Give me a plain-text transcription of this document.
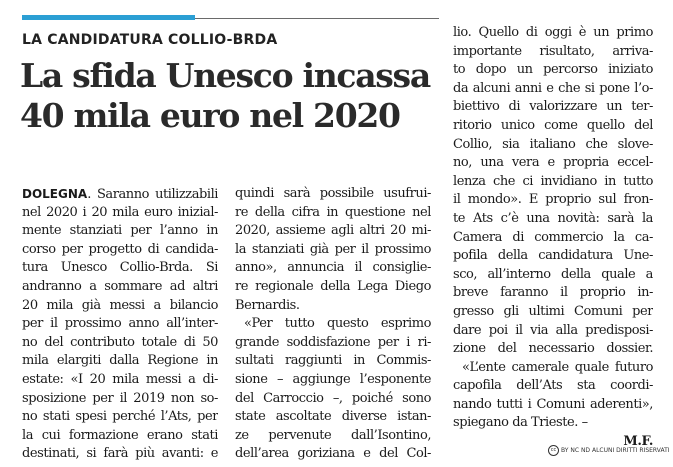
LA CANDIDATURA COLLIO-BRDA
La sfida Unesco incassa
40 mila euro nel 2020
DOLEGNA. Saranno utilizzabili
nel 2020 i 20 mila euro inizial-
mente stanziati per l’anno in
corso per progetto di candida-
tura Unesco Collio-Brda. Si
andranno a sommare ad altri
20 mila già messi a bilancio
per il prossimo anno all’inter-
no del contributo totale di 50
mila elargiti dalla Regione in
estate: «I 20 mila messi a di-
sposizione per il 2019 non so-
no stati spesi perché l’Ats, per
la cui formazione erano stati
destinati, si farà più avanti: e
quindi sarà possibile usufrui-
re della cifra in questione nel
2020, assieme agli altri 20 mi-
la stanziati già per il prossimo
anno», annuncia il consiglie-
re regionale della Lega Diego
Bernardis.
«Per tutto questo esprimo
grande soddisfazione per i ri-
sultati raggiunti in Commis-
sione – aggiunge l’esponente
del Carroccio –, poiché sono
state ascoltate diverse istan-
ze pervenute dall’Isontino,
dell’area goriziana e del Col-
lio. Quello di oggi è un primo
importante risultato, arriva-
to dopo un percorso iniziato
da alcuni anni e che si pone l’o-
biettivo di valorizzare un ter-
ritorio unico come quello del
Collio, sia italiano che slove-
no, una vera e propria eccel-
lenza che ci invidiano in tutto
il mondo». E proprio sul fron-
te Ats c’è una novità: sarà la
Camera di commercio la ca-
pofila della candidatura Une-
sco, all’interno della quale a
breve faranno il proprio in-
gresso gli ultimi Comuni per
dare poi il via alla predisposi-
zione del necessario dossier.
«L’ente camerale quale futuro
capofila dell’Ats sta coordi-
nando tutti i Comuni aderenti»,
spiegano da Trieste. –
M.F.
cc BY NC ND ALCUNI DIRITTI RISERVATI
